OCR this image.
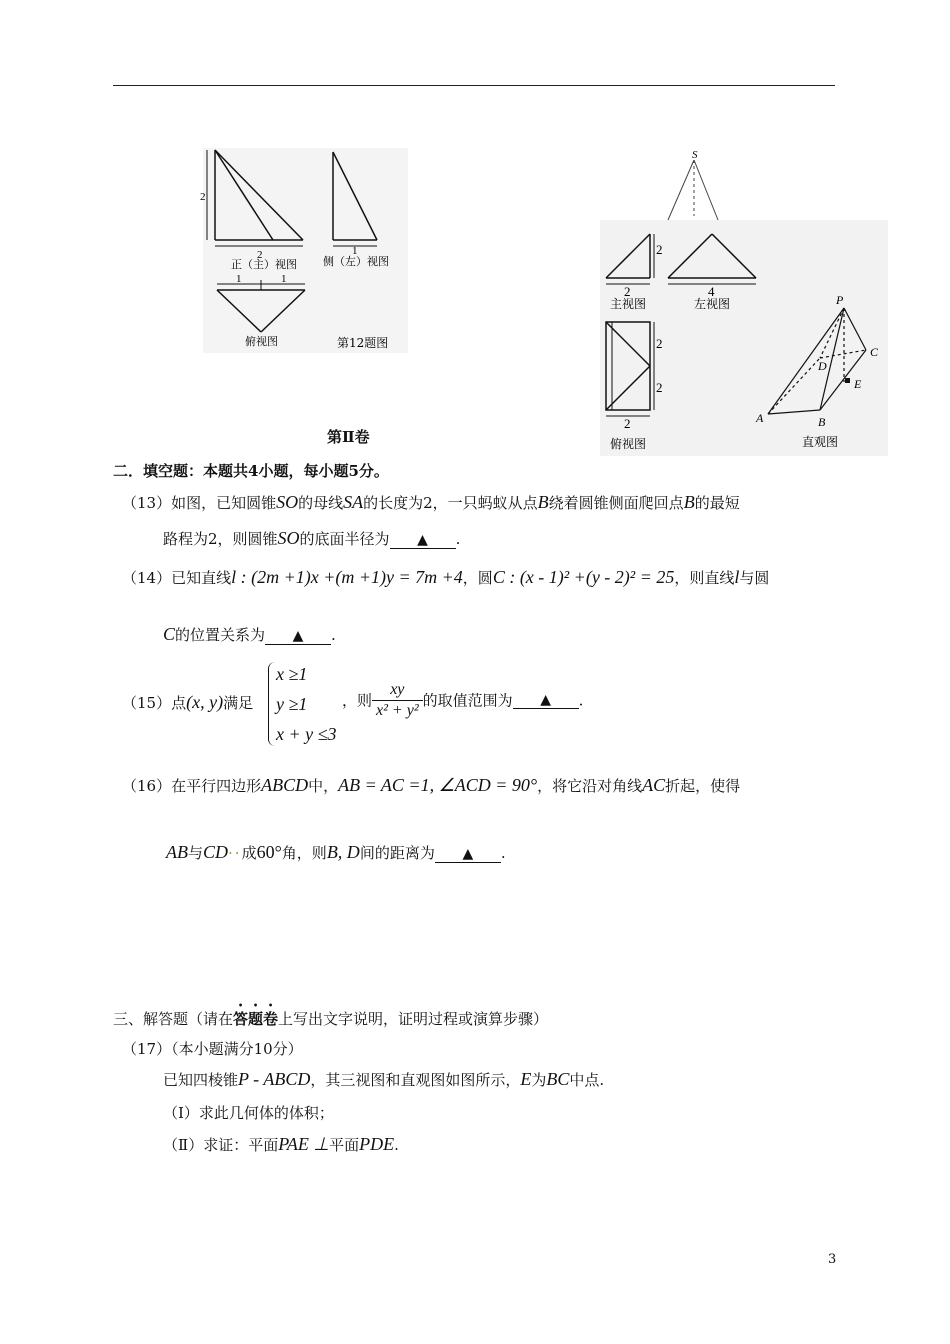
2
2
正（主）视图
1
侧（左）视图
1	1
俯视图	第12题图
S
2
2
主视图
4
左视图
2
2
2
俯视图
P
C
D
E
A	B
直观图
第Ⅱ卷
二．填空题：本题共4小题，每小题5分。
（13）如图，已知圆锥SO的母线SA的长度为2，一只蚂蚁从点B绕着圆锥侧面爬回点B的最短
路程为2，则圆锥SO的底面半径为 ▲ .
（14）已知直线l : (2m +1)x +(m +1)y = 7m +4，圆C : (x - 1)² +(y - 2)² = 25，则直线l与圆
C的位置关系为 ▲ .
x ≥1
y ≥1
x + y ≤3
（15）点(x, y)满足	，则 $\frac{xy}{\text{x² + y²}}$ 的取值范围为 ▲ .
（16）在平行四边形ABCD中，AB = AC =1, ∠ACD = 90°，将它沿对角线AC折起，使得
AB与CD··成60°角，则B, D间的距离为 ▲ .
三、解答题（请在答题卷上写出文字说明，证明过程或演算步骤）
（17）（本小题满分10分）
已知四棱锥P - ABCD，其三视图和直观图如图所示，E为BC中点.
（Ⅰ）求此几何体的体积；
（Ⅱ）求证：平面PAE ⊥平面PDE.
3
